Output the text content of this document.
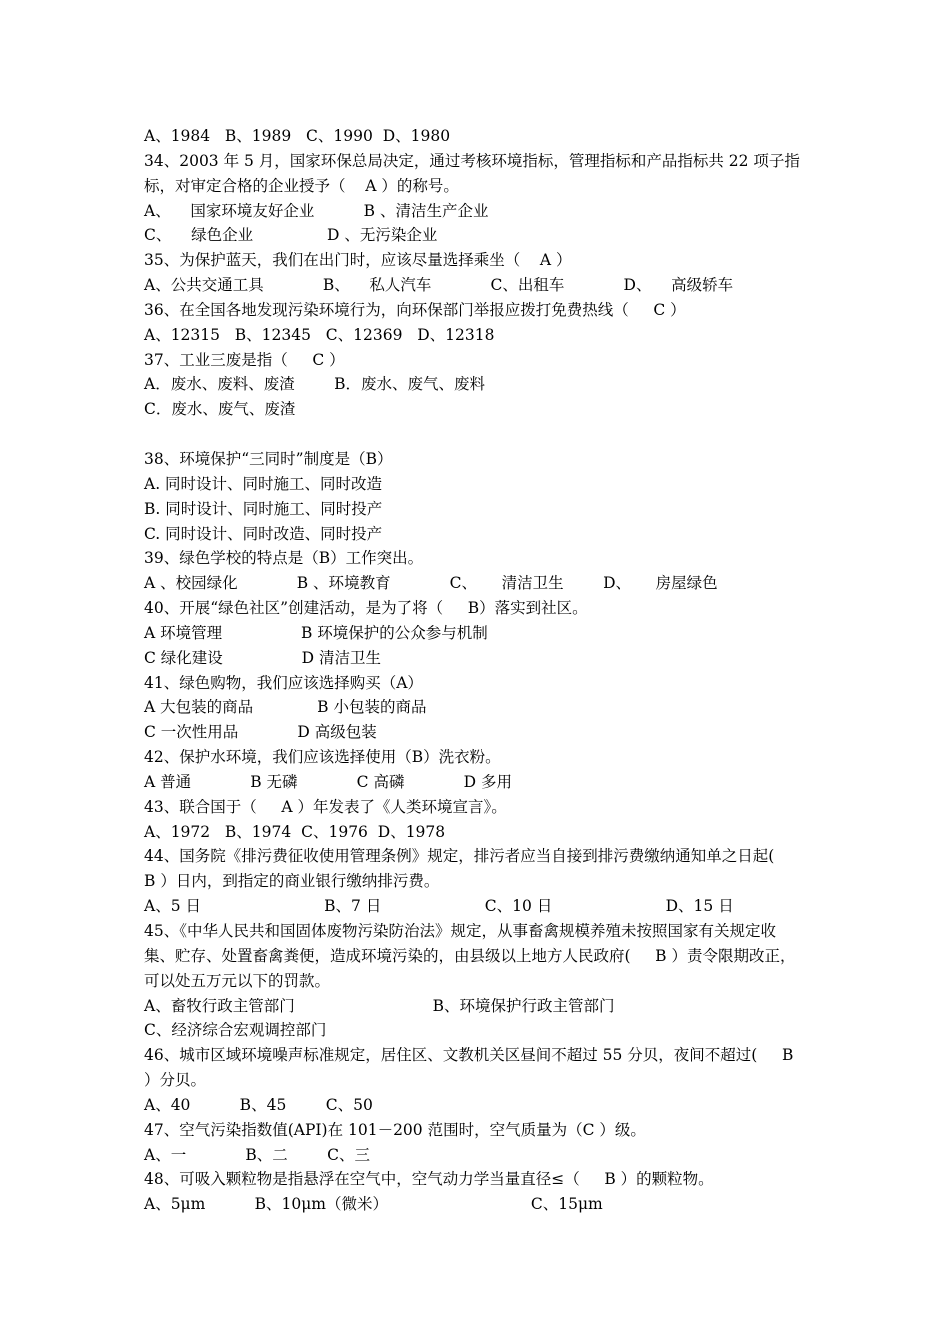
A、1984   B、1989   C、1990  D、1980
34、2003 年 5 月，国家环保总局决定，通过考核环境指标，管理指标和产品指标共 22 项子指
标，对审定合格的企业授予（    A ）的称号。
A、    国家环境友好企业          B 、清洁生产企业
C、    绿色企业               D 、无污染企业
35、为保护蓝天，我们在出门时，应该尽量选择乘坐（    A ）
A、公共交通工具            B、    私人汽车            C、出租车            D、    高级轿车
36、在全国各地发现污染环境行为，向环保部门举报应拨打免费热线（     C ）
A、12315   B、12345   C、12369   D、12318
37、工业三废是指（     C ）
A．废水、废料、废渣        B．废水、废气、废料
C．废水、废气、废渣
38、环境保护“三同时”制度是（B）
A. 同时设计、同时施工、同时改造
B. 同时设计、同时施工、同时投产
C. 同时设计、同时改造、同时投产
39、绿色学校的特点是（B）工作突出。
A 、校园绿化            B 、环境教育            C、     清洁卫生        D、     房屋绿色
40、开展“绿色社区”创建活动，是为了将（     B）落实到社区。
A 环境管理                B 环境保护的公众参与机制
C 绿化建设                D 清洁卫生
41、绿色购物，我们应该选择购买（A）
A 大包装的商品             B 小包装的商品
C 一次性用品            D 高级包装
42、保护水环境，我们应该选择使用（B）洗衣粉。
A 普通            B 无磷            C 高磷            D 多用
43、联合国于（     A ）年发表了《人类环境宣言》。
A、1972   B、1974  C、1976  D、1978
44、国务院《排污费征收使用管理条例》规定，排污者应当自接到排污费缴纳通知单之日起(
B ）日内，到指定的商业银行缴纳排污费。
A、5 日                         B、7 日                     C、10 日                       D、15 日
45、《中华人民共和国固体废物污染防治法》规定，从事畜禽规模养殖未按照国家有关规定收
集、贮存、处置畜禽粪便，造成环境污染的，由县级以上地方人民政府(     B ）责令限期改正，
可以处五万元以下的罚款。
A、畜牧行政主管部门                            B、环境保护行政主管部门
C、经济综合宏观调控部门
46、城市区域环境噪声标准规定，居住区、文教机关区昼间不超过 55 分贝，夜间不超过(     B
）分贝。
A、40          B、45        C、50
47、空气污染指数值(API)在 101－200 范围时，空气质量为（C ）级。
A、一            B、二        C、三
48、可吸入颗粒物是指悬浮在空气中，空气动力学当量直径≤（     B ）的颗粒物。
A、5μm          B、10μm（微米）                             C、15μm
